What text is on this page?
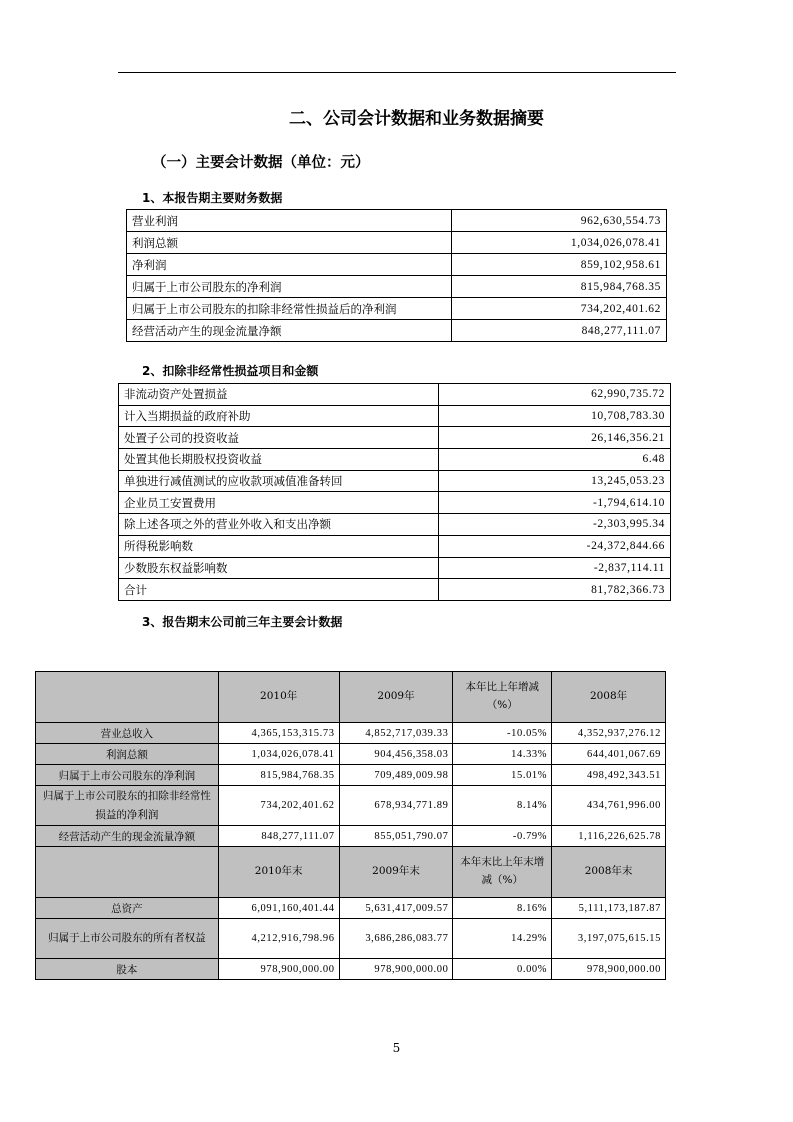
二、公司会计数据和业务数据摘要
（一）主要会计数据（单位：元）
1、本报告期主要财务数据
营业利润	962,630,554.73
利润总额	1,034,026,078.41
净利润	859,102,958.61
归属于上市公司股东的净利润	815,984,768.35
归属于上市公司股东的扣除非经常性损益后的净利润	734,202,401.62
经营活动产生的现金流量净额	848,277,111.07
2、扣除非经常性损益项目和金额
非流动资产处置损益	62,990,735.72
计入当期损益的政府补助	10,708,783.30
处置子公司的投资收益	26,146,356.21
处置其他长期股权投资收益	6.48
单独进行减值测试的应收款项减值准备转回	13,245,053.23
企业员工安置费用	-1,794,614.10
除上述各项之外的营业外收入和支出净额	-2,303,995.34
所得税影响数	-24,372,844.66
少数股东权益影响数	-2,837,114.11
合计	81,782,366.73
3、报告期末公司前三年主要会计数据
	2010年	2009年	本年比上年增减（%）	2008年
营业总收入	4,365,153,315.73	4,852,717,039.33	-10.05%	4,352,937,276.12
利润总额	1,034,026,078.41	904,456,358.03	14.33%	644,401,067.69
归属于上市公司股东的净利润	815,984,768.35	709,489,009.98	15.01%	498,492,343.51
归属于上市公司股东的扣除非经常性损益的净利润	734,202,401.62	678,934,771.89	8.14%	434,761,996.00
经营活动产生的现金流量净额	848,277,111.07	855,051,790.07	-0.79%	1,116,226,625.78
	2010年末	2009年末	本年末比上年末增减（%）	2008年末
总资产	6,091,160,401.44	5,631,417,009.57	8.16%	5,111,173,187.87
归属于上市公司股东的所有者权益	4,212,916,798.96	3,686,286,083.77	14.29%	3,197,075,615.15
股本	978,900,000.00	978,900,000.00	0.00%	978,900,000.00
5
